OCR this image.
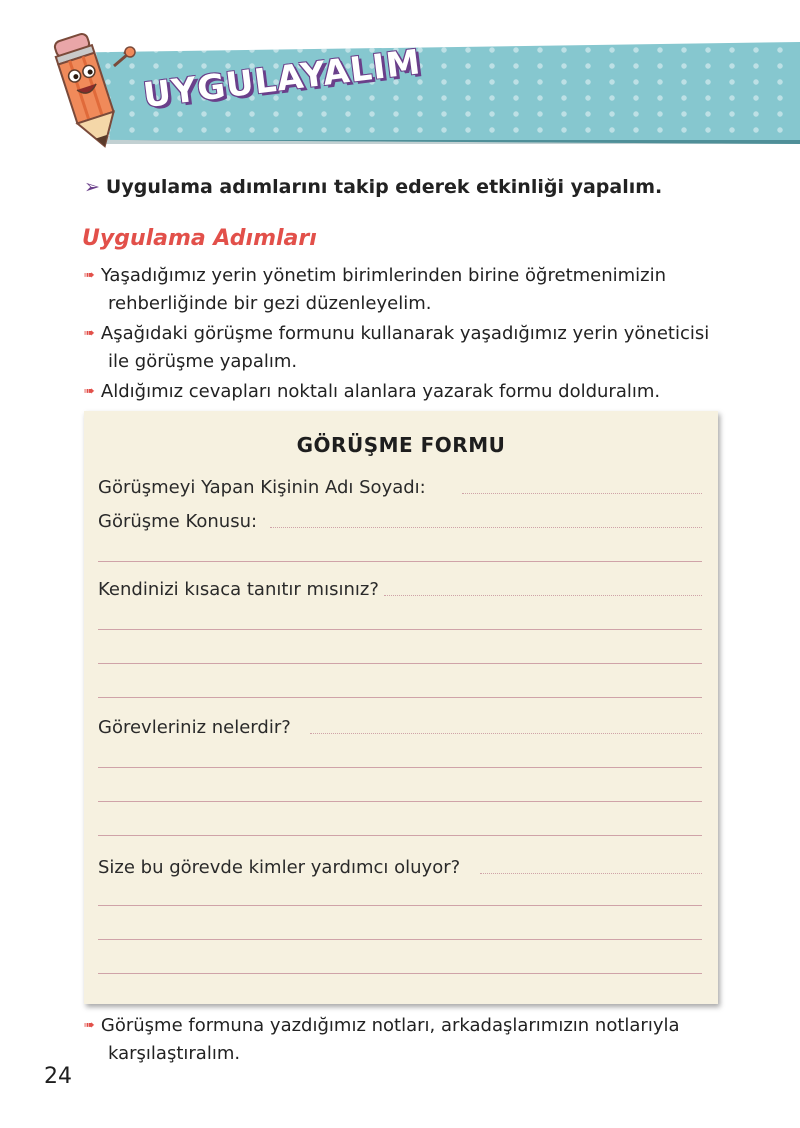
UYGULAYALIM
➢ Uygulama adımlarını takip ederek etkinliği yapalım.
Uygulama Adımları
➠ Yaşadığımız yerin yönetim birimlerinden birine öğretmenimizin
rehberliğinde bir gezi düzenleyelim.
➠ Aşağıdaki görüşme formunu kullanarak yaşadığımız yerin yöneticisi
ile görüşme yapalım.
➠ Aldığımız cevapları noktalı alanlara yazarak formu dolduralım.
GÖRÜŞME FORMU
Görüşmeyi Yapan Kişinin Adı Soyadı:
Görüşme Konusu:
Kendinizi kısaca tanıtır mısınız?
Görevleriniz nelerdir?
Size bu görevde kimler yardımcı oluyor?
➠ Görüşme formuna yazdığımız notları, arkadaşlarımızın notlarıyla
karşılaştıralım.
24
